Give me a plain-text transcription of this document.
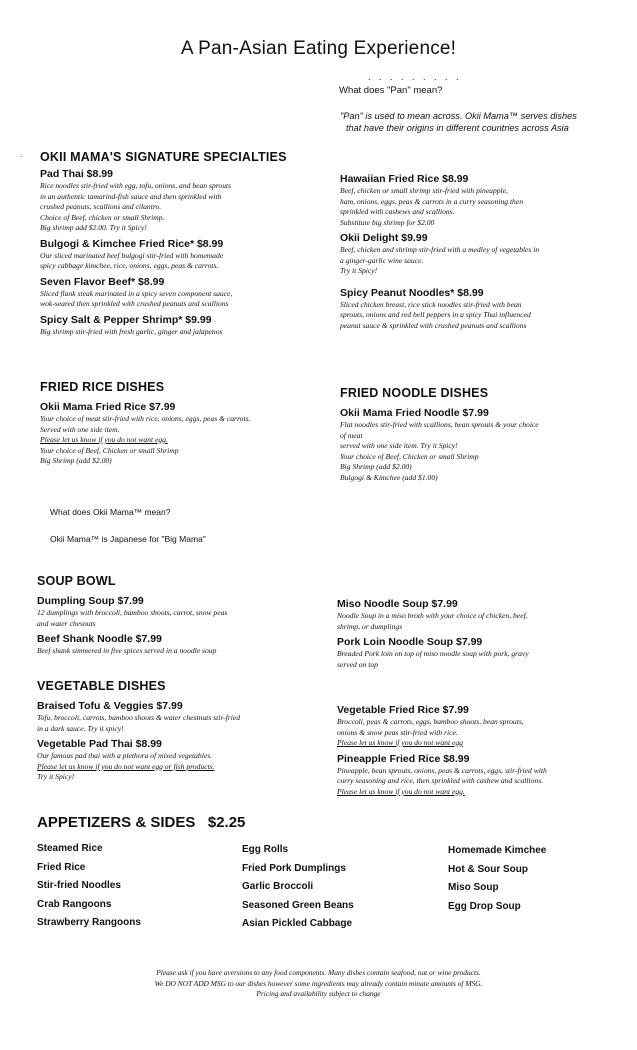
A Pan-Asian Eating Experience!
. . . . . . . . .
What does "Pan" mean?
"Pan" is used to mean across. Okii Mama™ serves dishes
that have their origins in different countries across Asia
· OKII MAMA'S SIGNATURE SPECIALTIES
Pad Thai $8.99
Rice noodles stir-fried with egg, tofu, onions, and bean sprouts
in an authentic tamarind-fish sauce and then sprinkled with
crushed peanuts, scallions and cilantro.
Choice of Beef, chicken or small Shrimp.
Big shrimp add $2.00. Try it Spicy!
Bulgogi & Kimchee Fried Rice* $8.99
Our sliced marinated beef bulgogi stir-fried with homemade
spicy cabbage kimchee, rice, onions, eggs, peas & carrots.
Seven Flavor Beef* $8.99
Sliced flank steak marinated in a spicy seven component sauce,
wok-seared then sprinkled with crushed peanuts and scallions
Spicy Salt & Pepper Shrimp* $9.99
Big shrimp stir-fried with fresh garlic, ginger and jalapenos
Hawaiian Fried Rice $8.99
Beef, chicken or small shrimp stir-fried with pineapple,
ham, onions, eggs, peas & carrots in a curry seasoning then
sprinkled with cashews and scallions.
Substitute big shrimp for $2.00
Okii Delight $9.99
Beef, chicken and shrimp stir-fried with a medley of vegetables in
a ginger-garlic wine sauce.
Try it Spicy!
Spicy Peanut Noodles* $8.99
Sliced chicken breast, rice stick noodles stir-fried with bean
sprouts, onions and red bell peppers in a spicy Thai influenced
peanut sauce & sprinkled with crushed peanuts and scallions
FRIED RICE DISHES
Okii Mama Fried Rice $7.99
Your choice of meat stir-fried with rice, onions, eggs, peas & carrots.
Served with one side item.
Please let us know if you do not want egg.
Your choice of Beef, Chicken or small Shrimp
Big Shrimp (add $2.00)
FRIED NOODLE DISHES
Okii Mama Fried Noodle $7.99
Flat noodles stir-fried with scallions, bean sprouts & your choice
of meat
served with one side item. Try it Spicy!
Your choice of Beef, Chicken or small Shrimp
Big Shrimp (add $2.00)
Bulgogi & Kimchee (add $1.00)
What does Okii Mama™ mean?
Okii Mama™ is Japanese for "Big Mama"
SOUP BOWL
Dumpling Soup $7.99
12 dumplings with broccoli, bamboo shoots, carrot, snow peas
and water chesnuts
Beef Shank Noodle $7.99
Beef shank simmered in five spices served in a noodle soup
Miso Noodle Soup $7.99
Noodle Soup in a miso broth with your choice of chicken, beef,
shrimp, or dumplings
Pork Loin Noodle Soup $7.99
Breaded Pork loin on top of miso noodle soup with pork, gravy
served on top
VEGETABLE DISHES
Braised Tofu & Veggies $7.99
Tofu, broccoli, carrots, bamboo shoots & water chestnuts stir-fried
in a dark sauce. Try it spicy!
Vegetable Pad Thai $8.99
Our famous pad thai with a plethora of mixed vegetables.
Please let us know if you do not want egg or fish products.
Try it Spicy!
Vegetable Fried Rice $7.99
Broccoli, peas & carrots, eggs, bamboo shoots, bean sprouts,
onions & snow peas stir-fried with rice.
Please let us know if you do not want egg
Pineapple Fried Rice $8.99
Pineapple, bean sprouts, onions, peas & carrots, eggs, stir-fried with
curry seasoning and rice, then sprinkled with cashew and scallions.
Please let us know if you do not want egg.
APPETIZERS & SIDES   $2.25
Steamed Rice
Fried Rice
Stir-fried Noodles
Crab Rangoons
Strawberry Rangoons
Egg Rolls
Fried Pork Dumplings
Garlic Broccoli
Seasoned Green Beans
Asian Pickled Cabbage
Homemade Kimchee
Hot & Sour Soup
Miso Soup
Egg Drop Soup
Please ask if you have aversions to any food components. Many dishes contain seafood, nut or wine products.
We DO NOT ADD MSG to our dishes however some ingredients may already contain minute amounts of MSG.
Pricing and availability subject to change
